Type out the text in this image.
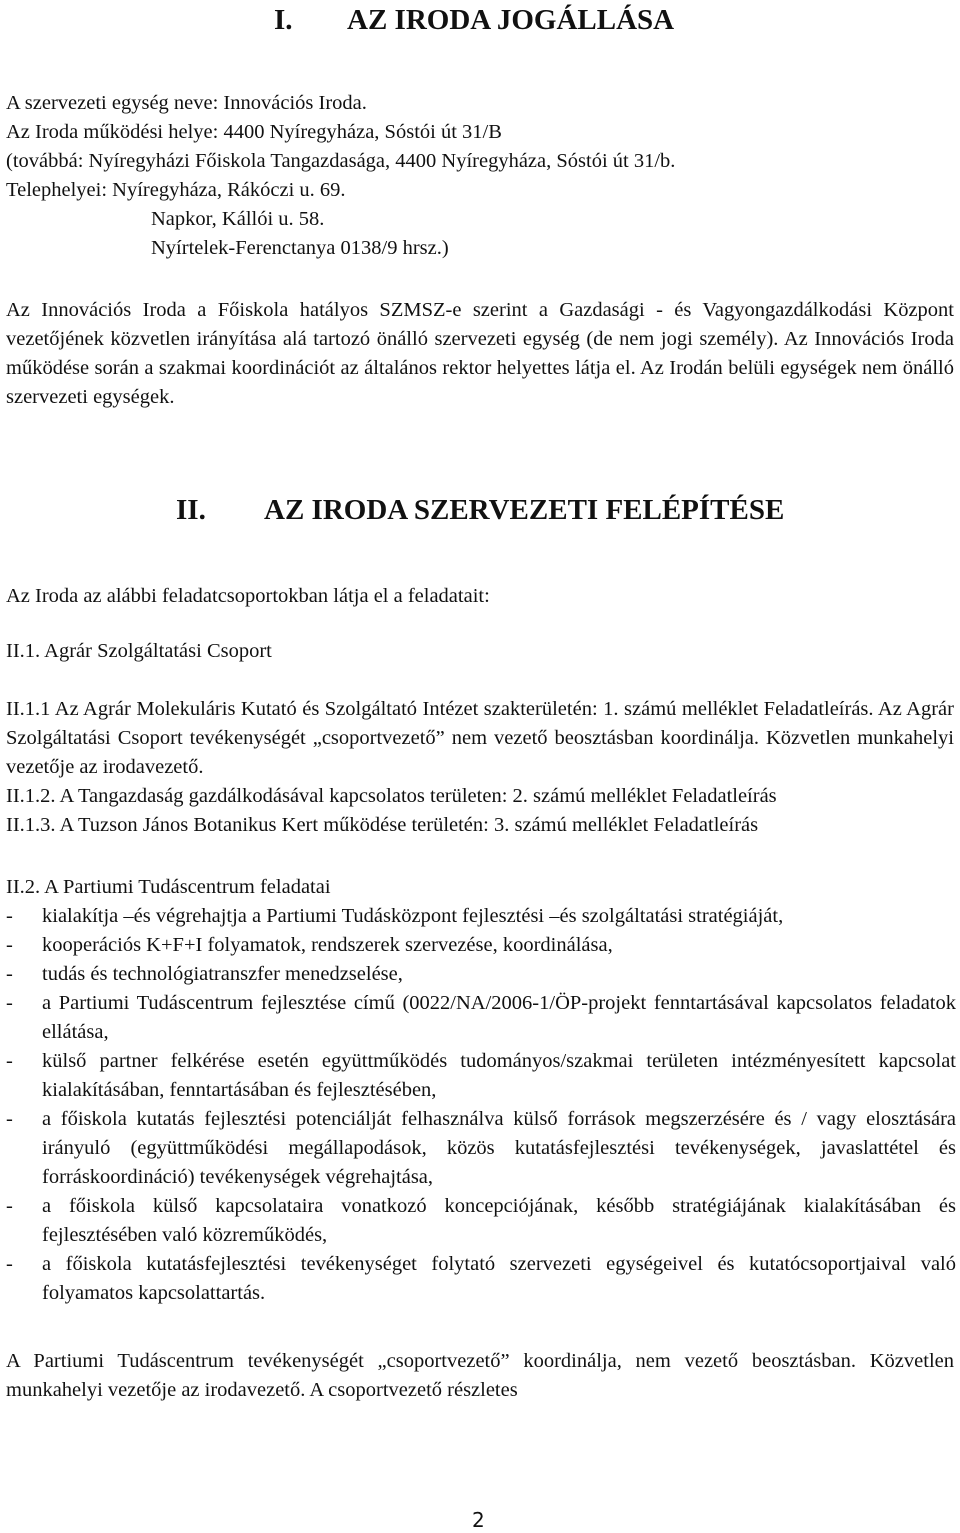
I. AZ IRODA JOGÁLLÁSA
A szervezeti egység neve: Innovációs Iroda.
Az Iroda működési helye: 4400 Nyíregyháza, Sóstói út 31/B
(továbbá: Nyíregyházi Főiskola Tangazdasága, 4400 Nyíregyháza, Sóstói út 31/b.
Telephelyei: Nyíregyháza, Rákóczi u. 69.
Napkor, Kállói u. 58.
Nyírtelek-Ferenctanya 0138/9 hrsz.)
Az Innovációs Iroda a Főiskola hatályos SZMSZ-e szerint a Gazdasági - és Vagyongazdálkodási Központ vezetőjének közvetlen irányítása alá tartozó önálló szervezeti egység (de nem jogi személy). Az Innovációs Iroda működése során a szakmai koordinációt az általános rektor helyettes látja el. Az Irodán belüli egységek nem önálló szervezeti egységek.
II. AZ IRODA SZERVEZETI FELÉPÍTÉSE
Az Iroda az alábbi feladatcsoportokban látja el a feladatait:
II.1. Agrár Szolgáltatási Csoport
II.1.1 Az Agrár Molekuláris Kutató és Szolgáltató Intézet szakterületén: 1. számú melléklet Feladatleírás. Az Agrár Szolgáltatási Csoport tevékenységét „csoportvezető” nem vezető beosztásban koordinálja. Közvetlen munkahelyi vezetője az irodavezető.
II.1.2. A Tangazdaság gazdálkodásával kapcsolatos területen: 2. számú melléklet Feladatleírás
II.1.3. A Tuzson János Botanikus Kert működése területén: 3. számú melléklet Feladatleírás
II.2. A Partiumi Tudáscentrum feladatai
- kialakítja –és végrehajtja a Partiumi Tudásközpont fejlesztési –és szolgáltatási stratégiáját,
- kooperációs K+F+I folyamatok, rendszerek szervezése, koordinálása,
- tudás és technológiatranszfer menedzselése,
- a Partiumi Tudáscentrum fejlesztése című (0022/NA/2006-1/ÖP-projekt fenntartásával kapcsolatos feladatok ellátása,
- külső partner felkérése esetén együttműködés tudományos/szakmai területen intézményesített kapcsolat kialakításában, fenntartásában és fejlesztésében,
- a főiskola kutatás fejlesztési potenciálját felhasználva külső források megszerzésére és / vagy elosztására irányuló (együttműködési megállapodások, közös kutatásfejlesztési tevékenységek, javaslattétel és forráskoordináció) tevékenységek végrehajtása,
- a főiskola külső kapcsolataira vonatkozó koncepciójának, később stratégiájának kialakításában és fejlesztésében való közreműködés,
- a főiskola kutatásfejlesztési tevékenységet folytató szervezeti egységeivel és kutatócsoportjaival való folyamatos kapcsolattartás.
A Partiumi Tudáscentrum tevékenységét „csoportvezető” koordinálja, nem vezető beosztásban. Közvetlen munkahelyi vezetője az irodavezető. A csoportvezető részletes
2
